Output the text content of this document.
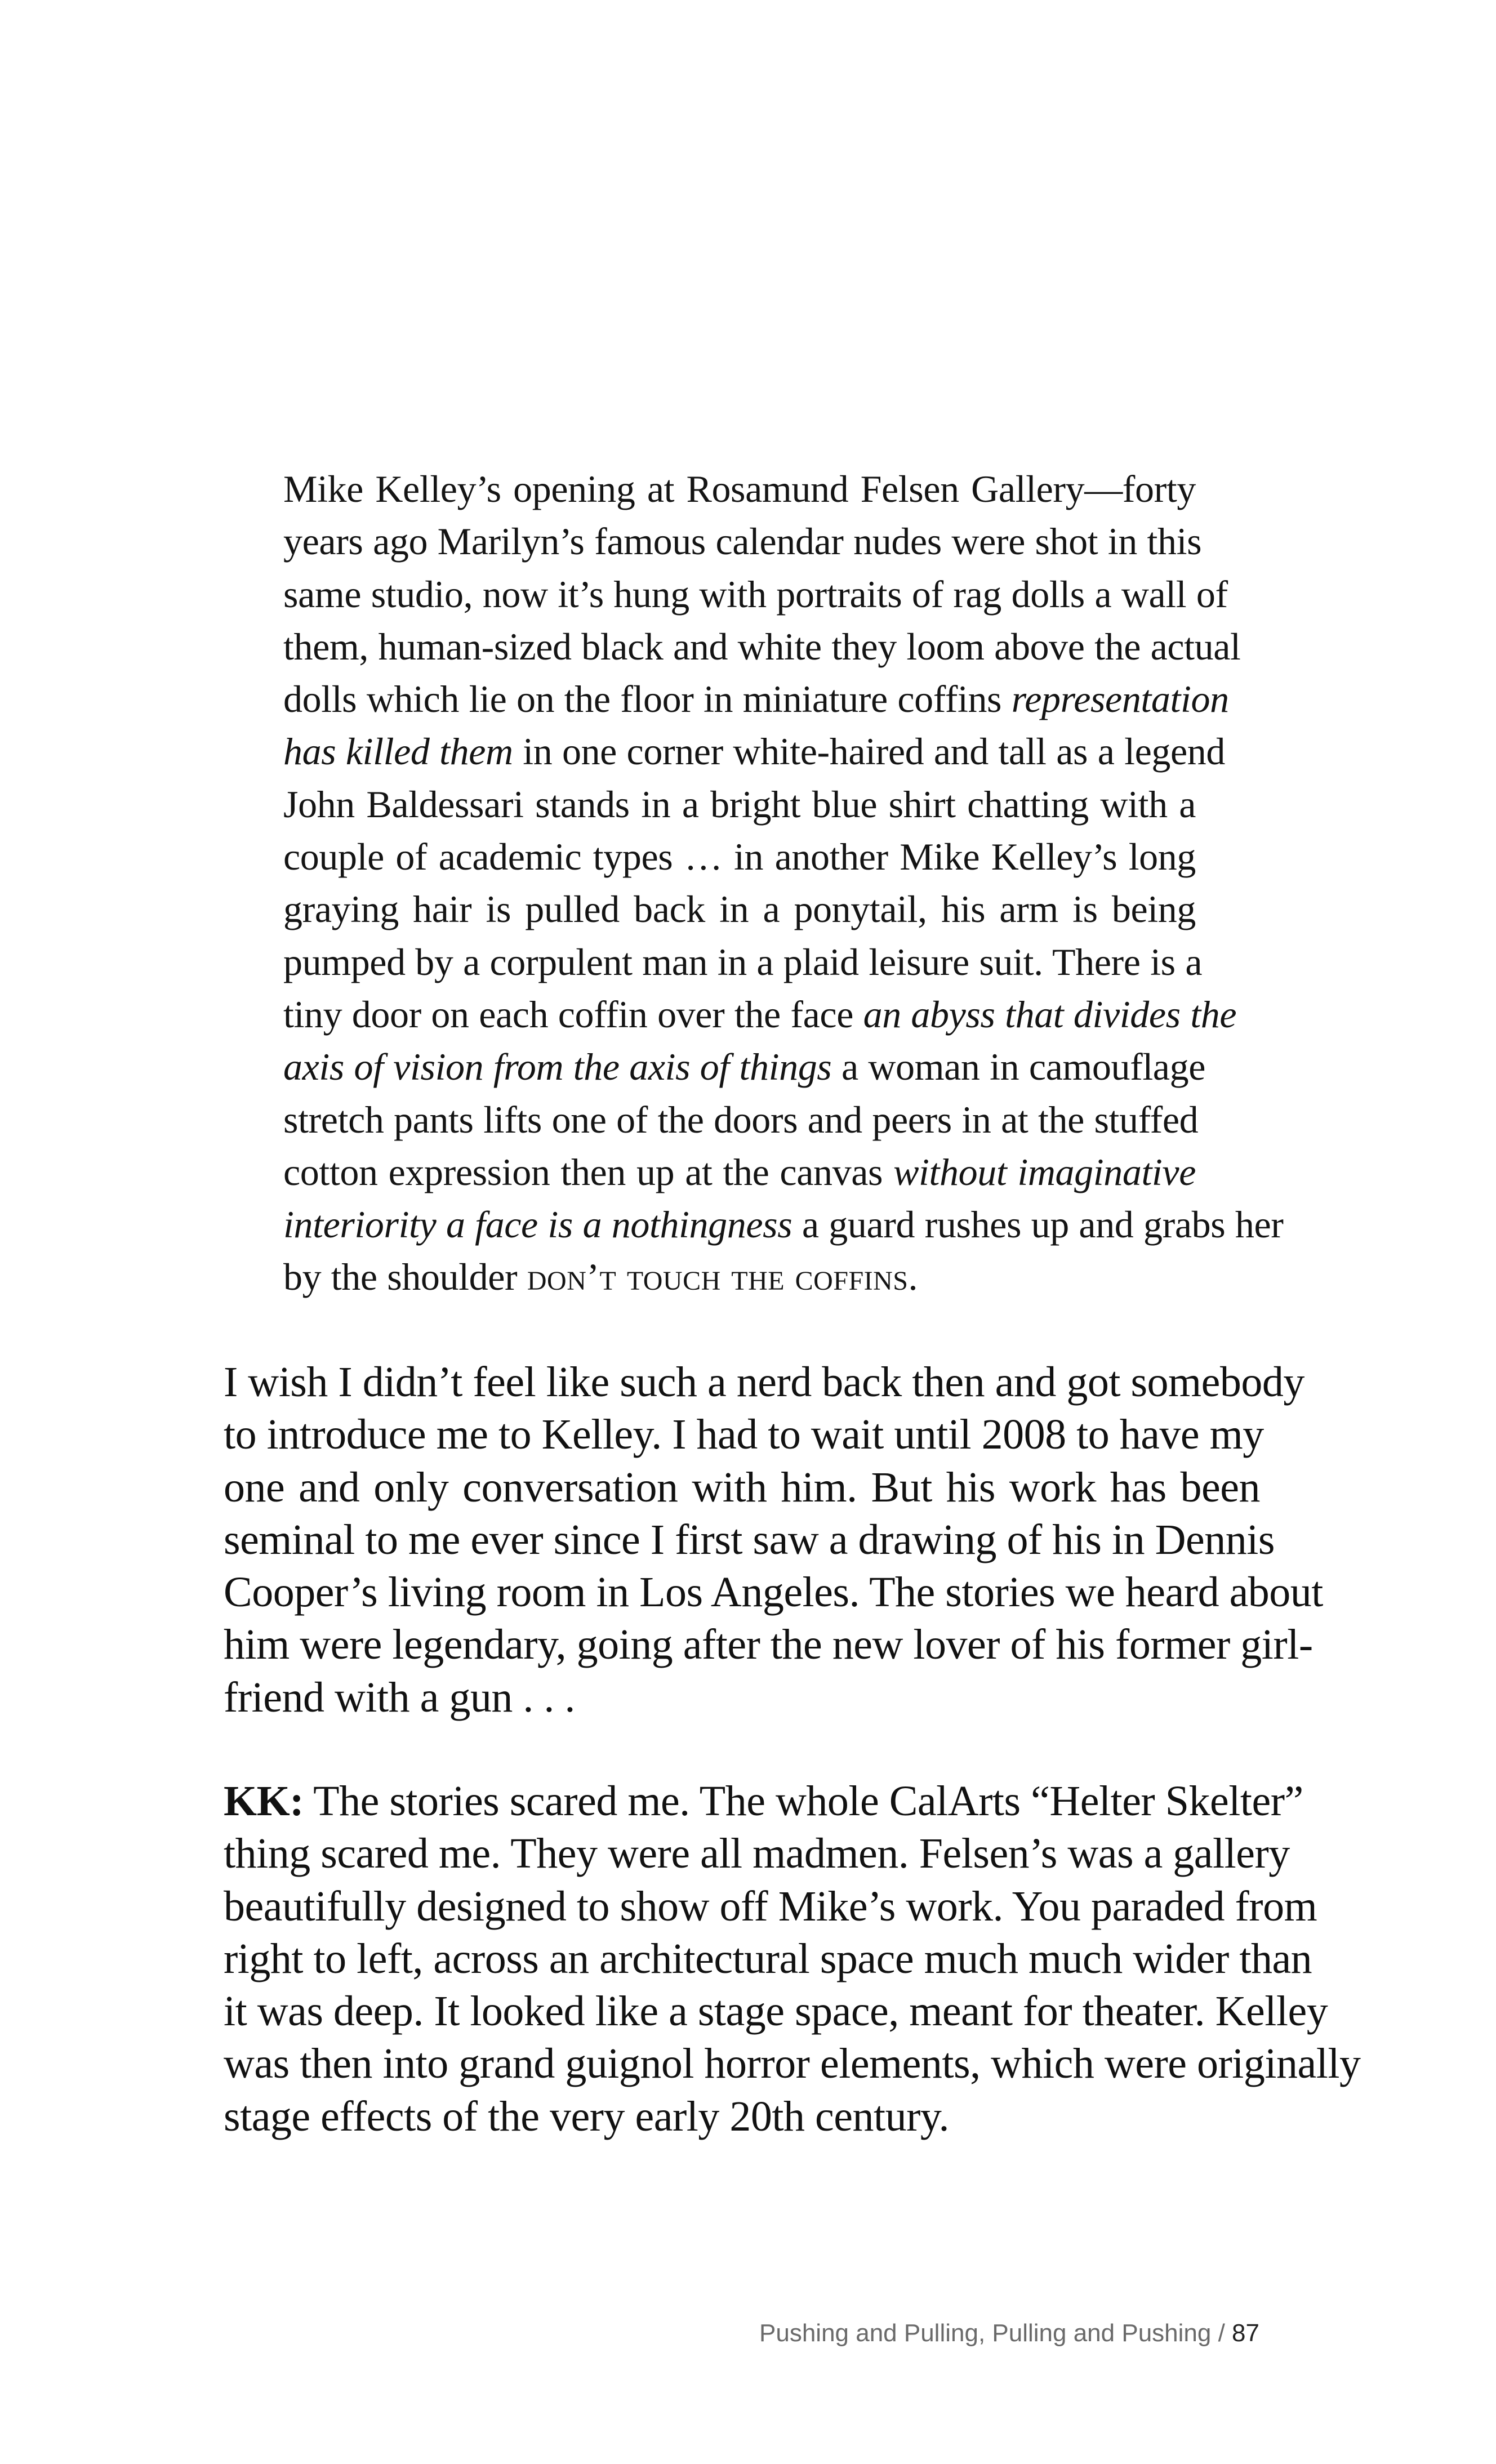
Mike Kelley’s opening at Rosamund Felsen Gallery—forty
years ago Marilyn’s famous calendar nudes were shot in this
same studio, now it’s hung with portraits of rag dolls a wall of
them, human-sized black and white they loom above the actual
dolls which lie on the floor in miniature coffins representation
has killed them in one corner white-haired and tall as a legend
John Baldessari stands in a bright blue shirt chatting with a
couple of academic types … in another Mike Kelley’s long
graying hair is pulled back in a ponytail, his arm is being
pumped by a corpulent man in a plaid leisure suit. There is a
tiny door on each coffin over the face an abyss that divides the
axis of vision from the axis of things a woman in camouflage
stretch pants lifts one of the doors and peers in at the stuffed
cotton expression then up at the canvas without imaginative
interiority a face is a nothingness a guard rushes up and grabs her
by the shoulder don’t touch the coffins.
I wish I didn’t feel like such a nerd back then and got somebody
to introduce me to Kelley. I had to wait until 2008 to have my
one and only conversation with him. But his work has been
seminal to me ever since I first saw a drawing of his in Dennis
Cooper’s living room in Los Angeles. The stories we heard about
him were legendary, going after the new lover of his former girl-
friend with a gun . . .
KK: The stories scared me. The whole CalArts “Helter Skelter”
thing scared me. They were all madmen. Felsen’s was a gallery
beautifully designed to show off Mike’s work. You paraded from
right to left, across an architectural space much much wider than
it was deep. It looked like a stage space, meant for theater. Kelley
was then into grand guignol horror elements, which were originally
stage effects of the very early 20th century.
Pushing and Pulling, Pulling and Pushing / 87
